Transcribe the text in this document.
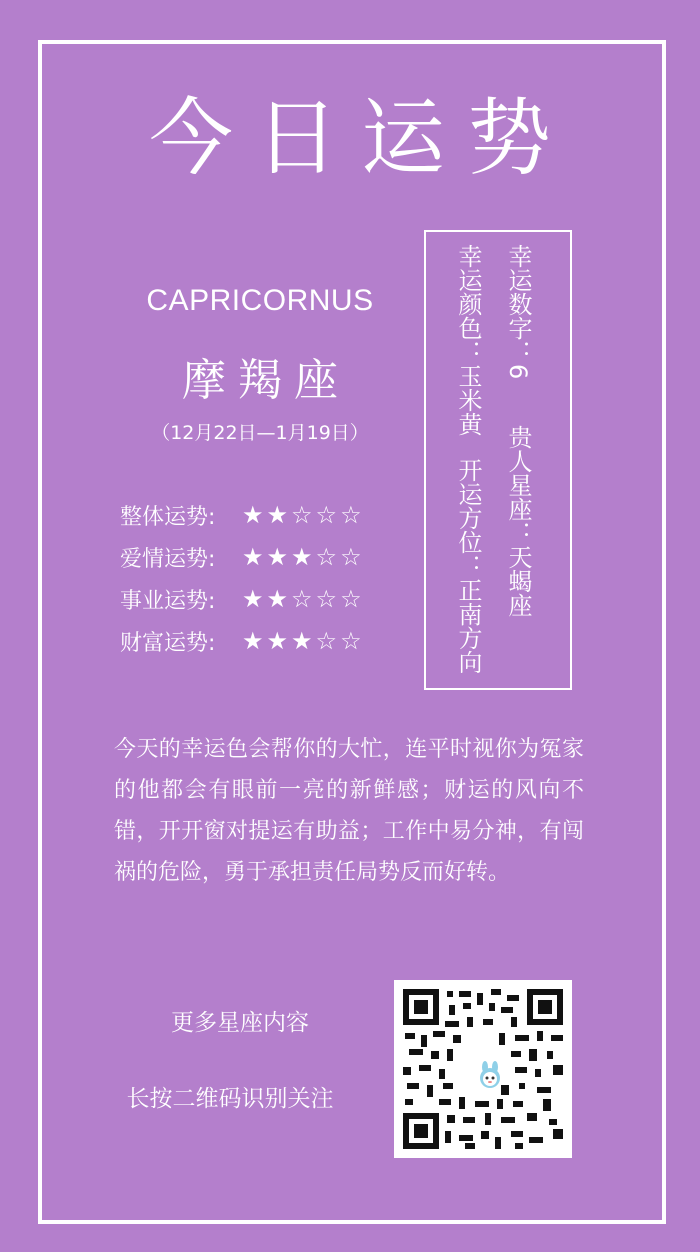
今日运势
CAPRICORNUS
摩羯座
（12月22日—1月19日）
整体运势:	★★☆☆☆
爱情运势:	★★★☆☆
事业运势:	★★☆☆☆
财富运势:	★★★☆☆
幸运数字：6贵人星座：天蝎座
幸运颜色：玉米黄开运方位：正南方向
今天的幸运色会帮你的大忙，连平时视你为冤家的他都会有眼前一亮的新鲜感；财运的风向不错，开开窗对提运有助益；工作中易分神，有闯祸的危险，勇于承担责任局势反而好转。
更多星座内容
长按二维码识别关注
